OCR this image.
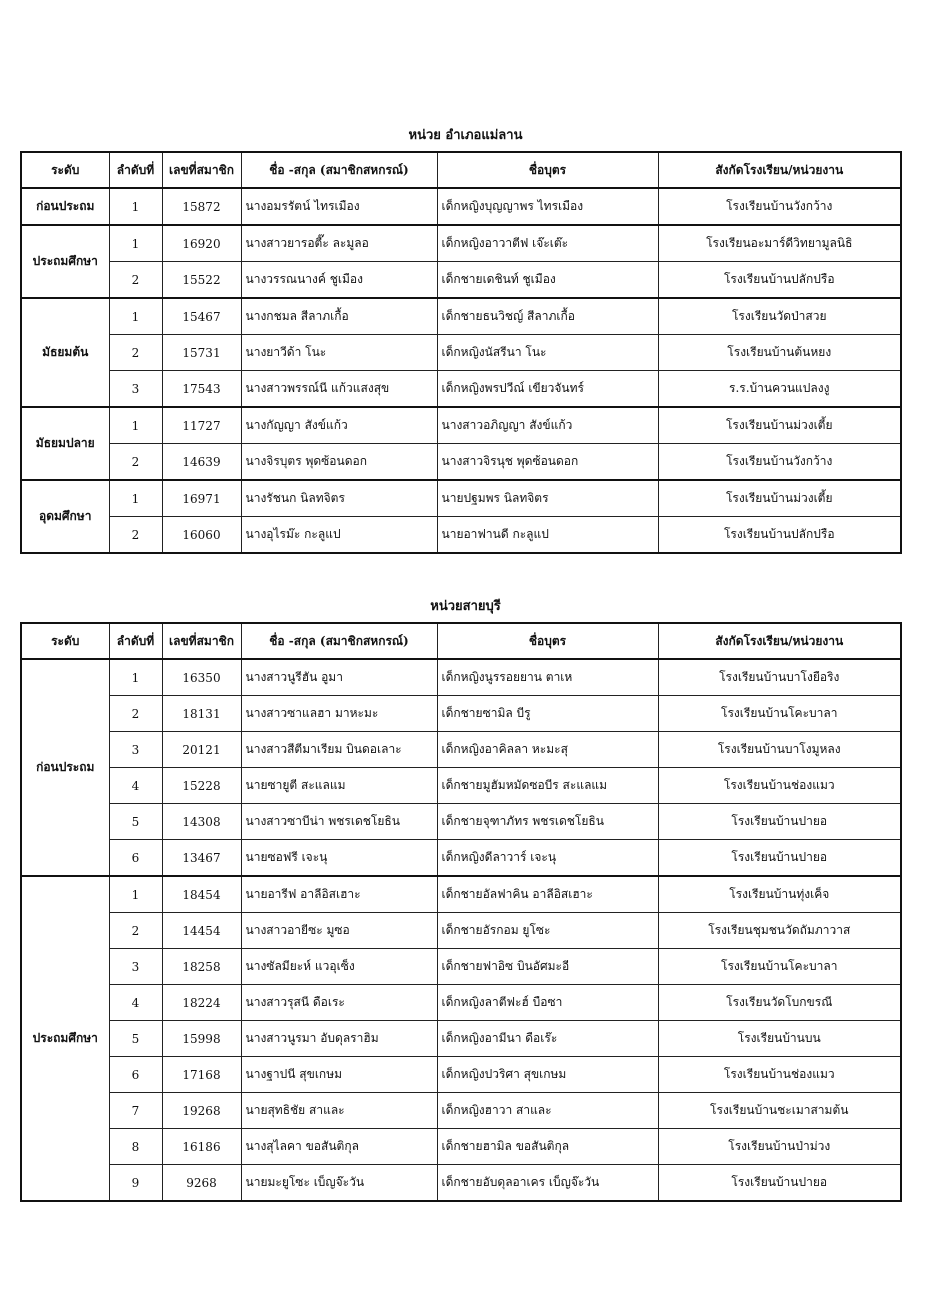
หน่วย อำเภอแม่ลาน
ระดับ	ลำดับที่	เลขที่สมาชิก	ชื่อ -สกุล (สมาชิกสหกรณ์)	ชื่อบุตร	สังกัดโรงเรียน/หน่วยงาน
ก่อนประถม	1	15872	นางอมรรัตน์ ไทรเมือง	เด็กหญิงบุญญาพร ไทรเมือง	โรงเรียนบ้านวังกว้าง
ประถมศึกษา	1	16920	นางสาวยารอตี๊ะ ละมูลอ	เด็กหญิงอาวาตีฟ เจ๊ะเต๊ะ	โรงเรียนอะมาร์ดีวิทยามูลนิธิ
	2	15522	นางวรรณนางค์ ชูเมือง	เด็กชายเดชินท์ ชูเมือง	โรงเรียนบ้านปลักปรือ
มัธยมต้น	1	15467	นางกชมล สีลาภเกื้อ	เด็กชายธนวิชญ์ สีลาภเกื้อ	โรงเรียนวัดป่าสวย
	2	15731	นางยาวีด้า โนะ	เด็กหญิงนัสรีนา โนะ	โรงเรียนบ้านต้นหยง
	3	17543	นางสาวพรรณ์นี แก้วแสงสุข	เด็กหญิงพรปวีณ์ เขียวจันทร์	ร.ร.บ้านควนแปลงงู
มัธยมปลาย	1	11727	นางกัญญา สังข์แก้ว	นางสาวอภิญญา สังข์แก้ว	โรงเรียนบ้านม่วงเตี้ย
	2	14639	นางจิรบุตร พุดซ้อนดอก	นางสาวจิรนุช พุดซ้อนดอก	โรงเรียนบ้านวังกว้าง
อุดมศึกษา	1	16971	นางรัชนก นิลทจิตร	นายปฐมพร นิลทจิตร	โรงเรียนบ้านม่วงเตี้ย
	2	16060	นางอุไรม๊ะ กะลูแป	นายอาฟานดี กะลูแป	โรงเรียนบ้านปลักปรือ
หน่วยสายบุรี
ระดับ	ลำดับที่	เลขที่สมาชิก	ชื่อ -สกุล (สมาชิกสหกรณ์)	ชื่อบุตร	สังกัดโรงเรียน/หน่วยงาน
ก่อนประถม	1	16350	นางสาวนูรีฮัน อูมา	เด็กหญิงนูรรอยยาน ตาเห	โรงเรียนบ้านบาโงยือริง
	2	18131	นางสาวซาแลฮา มาหะมะ	เด็กชายซามิล บีรู	โรงเรียนบ้านโคะบาลา
	3	20121	นางสาวสีตีมาเรียม บินดอเลาะ	เด็กหญิงอาคิลลา หะมะสุ	โรงเรียนบ้านบาโงมูหลง
	4	15228	นายซายูตี สะแลแม	เด็กชายมูฮัมหมัดซอบีร สะแลแม	โรงเรียนบ้านช่องแมว
	5	14308	นางสาวซาบีน่า พชรเดชโยธิน	เด็กชายจุฑาภัทร พชรเดชโยธิน	โรงเรียนบ้านปายอ
	6	13467	นายซอฟรี เจะนุ	เด็กหญิงดีลาวาร์ เจะนุ	โรงเรียนบ้านปายอ
ประถมศึกษา	1	18454	นายอารีฟ อาลีอิสเฮาะ	เด็กชายอัลฟาคิน อาลีอิสเฮาะ	โรงเรียนบ้านทุ่งเค็จ
	2	14454	นางสาวอายีซะ มูซอ	เด็กชายอัรกอม ยูโซะ	โรงเรียนชุมชนวัดถัมภาวาส
	3	18258	นางซัลมียะห์ แวอุเซ็ง	เด็กชายฟาอิซ บินอัศมะอี	โรงเรียนบ้านโคะบาลา
	4	18224	นางสาวรุสนี ดือเระ	เด็กหญิงลาตีฟะฮ์ บือซา	โรงเรียนวัดโบกขรณี
	5	15998	นางสาวนูรมา อับดุลราฮิม	เด็กหญิงอามีนา ดือเร๊ะ	โรงเรียนบ้านบน
	6	17168	นางฐาปนี สุขเกษม	เด็กหญิงปวริศา สุขเกษม	โรงเรียนบ้านช่องแมว
	7	19268	นายสุทธิชัย สาและ	เด็กหญิงฮาวา สาและ	โรงเรียนบ้านชะเมาสามต้น
	8	16186	นางสุไลคา ขอสันติกุล	เด็กชายฮามิล ขอสันติกุล	โรงเรียนบ้านป่าม่วง
	9	9268	นายมะยูโซะ เบ็ญจ๊ะวัน	เด็กชายอับดุลอาเคร เบ็ญจ๊ะวัน	โรงเรียนบ้านปายอ
